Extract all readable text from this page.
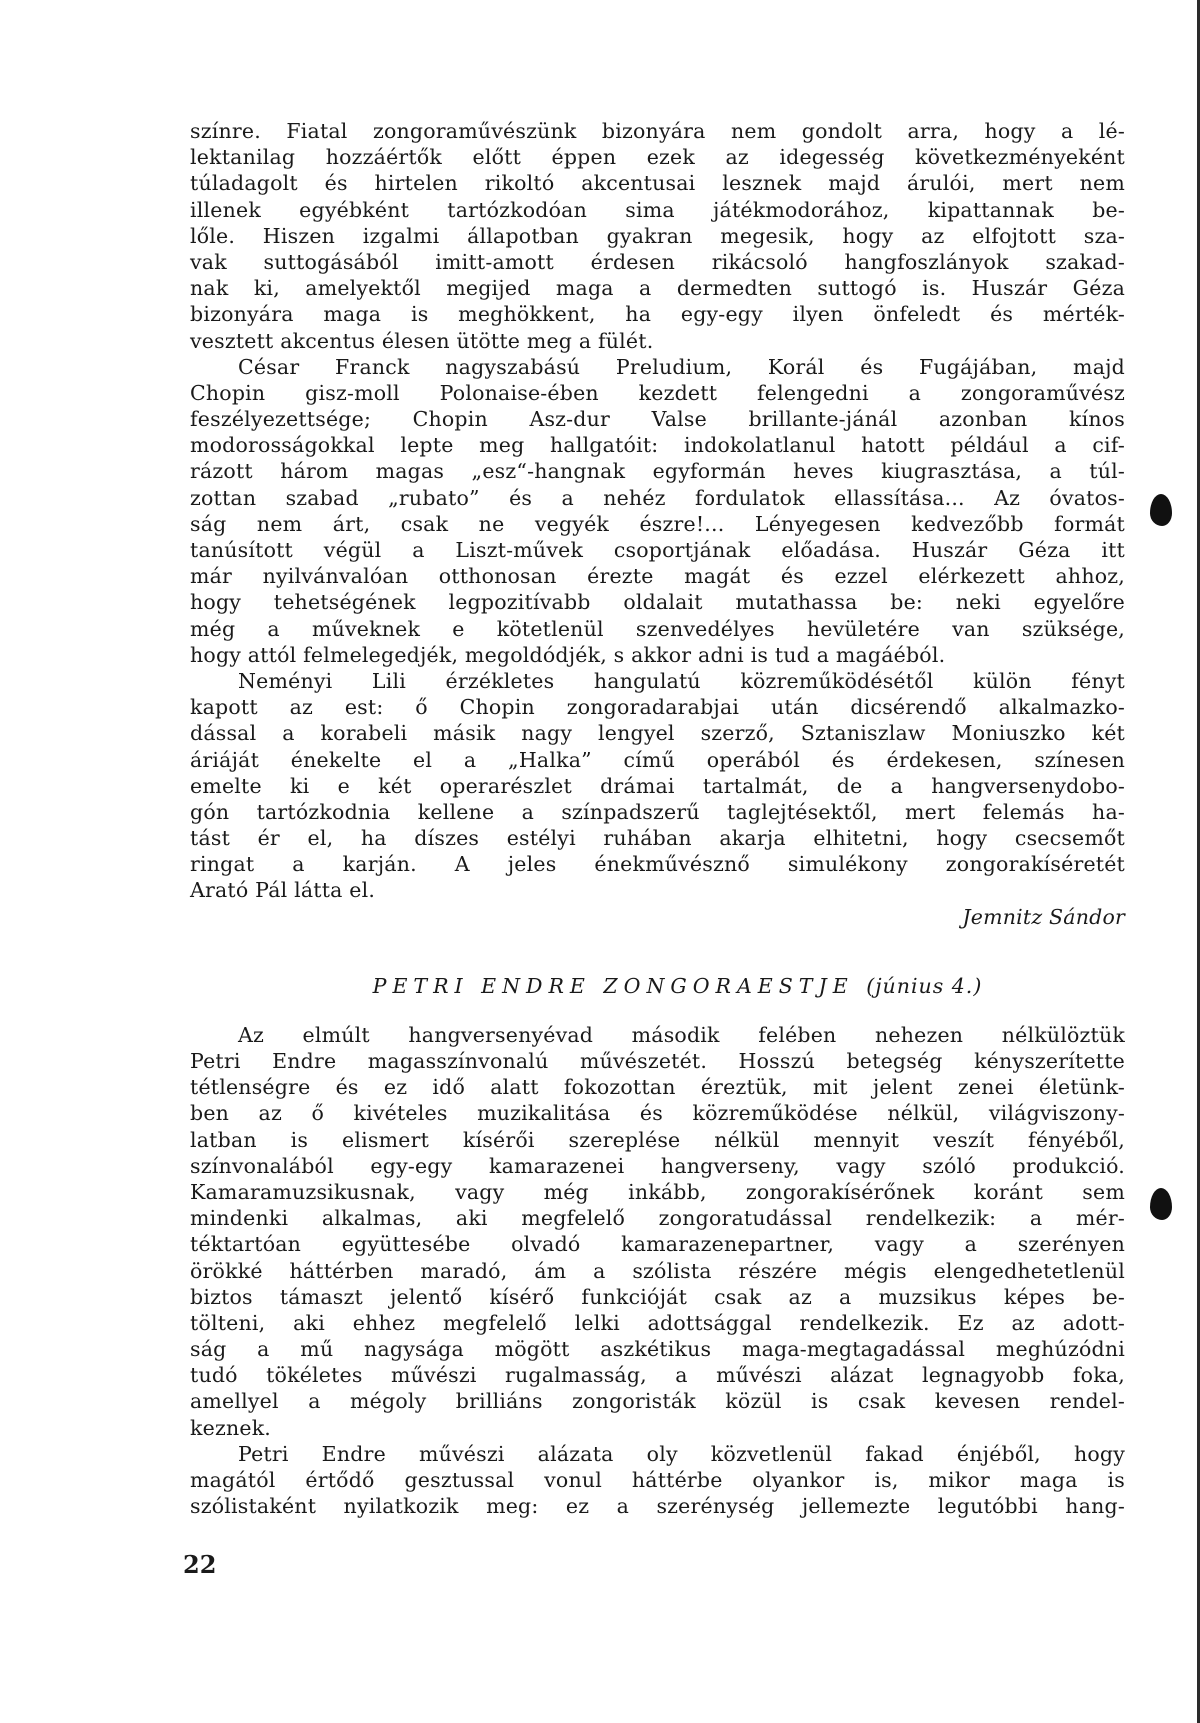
színre. Fiatal zongoraművészünk bizonyára nem gondolt arra, hogy a lé-
lektanilag hozzáértők előtt éppen ezek az idegesség következményeként
túladagolt és hirtelen rikoltó akcentusai lesznek majd árulói, mert nem
illenek egyébként tartózkodóan sima játékmodorához, kipattannak be-
lőle. Hiszen izgalmi állapotban gyakran megesik, hogy az elfojtott sza-
vak suttogásából imitt-amott érdesen rikácsoló hangfoszlányok szakad-
nak ki, amelyektől megijed maga a dermedten suttogó is. Huszár Géza
bizonyára maga is meghökkent, ha egy-egy ilyen önfeledt és mérték-
vesztett akcentus élesen ütötte meg a fülét.
César Franck nagyszabású Preludium, Korál és Fugájában, majd
Chopin gisz-moll Polonaise-ében kezdett felengedni a zongoraművész
feszélyezettsége; Chopin Asz-dur Valse brillante-jánál azonban kínos
modorosságokkal lepte meg hallgatóit: indokolatlanul hatott például a cif-
rázott három magas „esz“-hangnak egyformán heves kiugrasztása, a túl-
zottan szabad „rubato” és a nehéz fordulatok ellassítása... Az óvatos-
ság nem árt, csak ne vegyék észre!... Lényegesen kedvezőbb formát
tanúsított végül a Liszt-művek csoportjának előadása. Huszár Géza itt
már nyilvánvalóan otthonosan érezte magát és ezzel elérkezett ahhoz,
hogy tehetségének legpozitívabb oldalait mutathassa be: neki egyelőre
még a műveknek e kötetlenül szenvedélyes hevületére van szüksége,
hogy attól felmelegedjék, megoldódjék, s akkor adni is tud a magáéból.
Neményi Lili érzékletes hangulatú közreműködésétől külön fényt
kapott az est: ő Chopin zongoradarabjai után dicsérendő alkalmazko-
dással a korabeli másik nagy lengyel szerző, Sztaniszlaw Moniuszko két
áriáját énekelte el a „Halka” című operából és érdekesen, színesen
emelte ki e két operarészlet drámai tartalmát, de a hangversenydobo-
gón tartózkodnia kellene a színpadszerű taglejtésektől, mert felemás ha-
tást ér el, ha díszes estélyi ruhában akarja elhitetni, hogy csecsemőt
ringat a karján. A jeles énekművésznő simulékony zongorakíséretét
Arató Pál látta el.
Jemnitz Sándor
PETRI ENDRE ZONGORAESTJE (június 4.)
Az elmúlt hangversenyévad második felében nehezen nélkülöztük
Petri Endre magasszínvonalú művészetét. Hosszú betegség kényszerítette
tétlenségre és ez idő alatt fokozottan éreztük, mit jelent zenei életünk-
ben az ő kivételes muzikalitása és közreműködése nélkül, világviszony-
latban is elismert kísérői szereplése nélkül mennyit veszít fényéből,
színvonalából egy-egy kamarazenei hangverseny, vagy szóló produkció.
Kamaramuzsikusnak, vagy még inkább, zongorakísérőnek koránt sem
mindenki alkalmas, aki megfelelő zongoratudással rendelkezik: a mér-
téktartóan együttesébe olvadó kamarazenepartner, vagy a szerényen
örökké háttérben maradó, ám a szólista részére mégis elengedhetetlenül
biztos támaszt jelentő kísérő funkcióját csak az a muzsikus képes be-
tölteni, aki ehhez megfelelő lelki adottsággal rendelkezik. Ez az adott-
ság a mű nagysága mögött aszkétikus maga-megtagadással meghúzódni
tudó tökéletes művészi rugalmasság, a művészi alázat legnagyobb foka,
amellyel a mégoly brilliáns zongoristák közül is csak kevesen rendel-
keznek.
Petri Endre művészi alázata oly közvetlenül fakad énjéből, hogy
magától értődő gesztussal vonul háttérbe olyankor is, mikor maga is
szólistaként nyilatkozik meg: ez a szerénység jellemezte legutóbbi hang-
22
